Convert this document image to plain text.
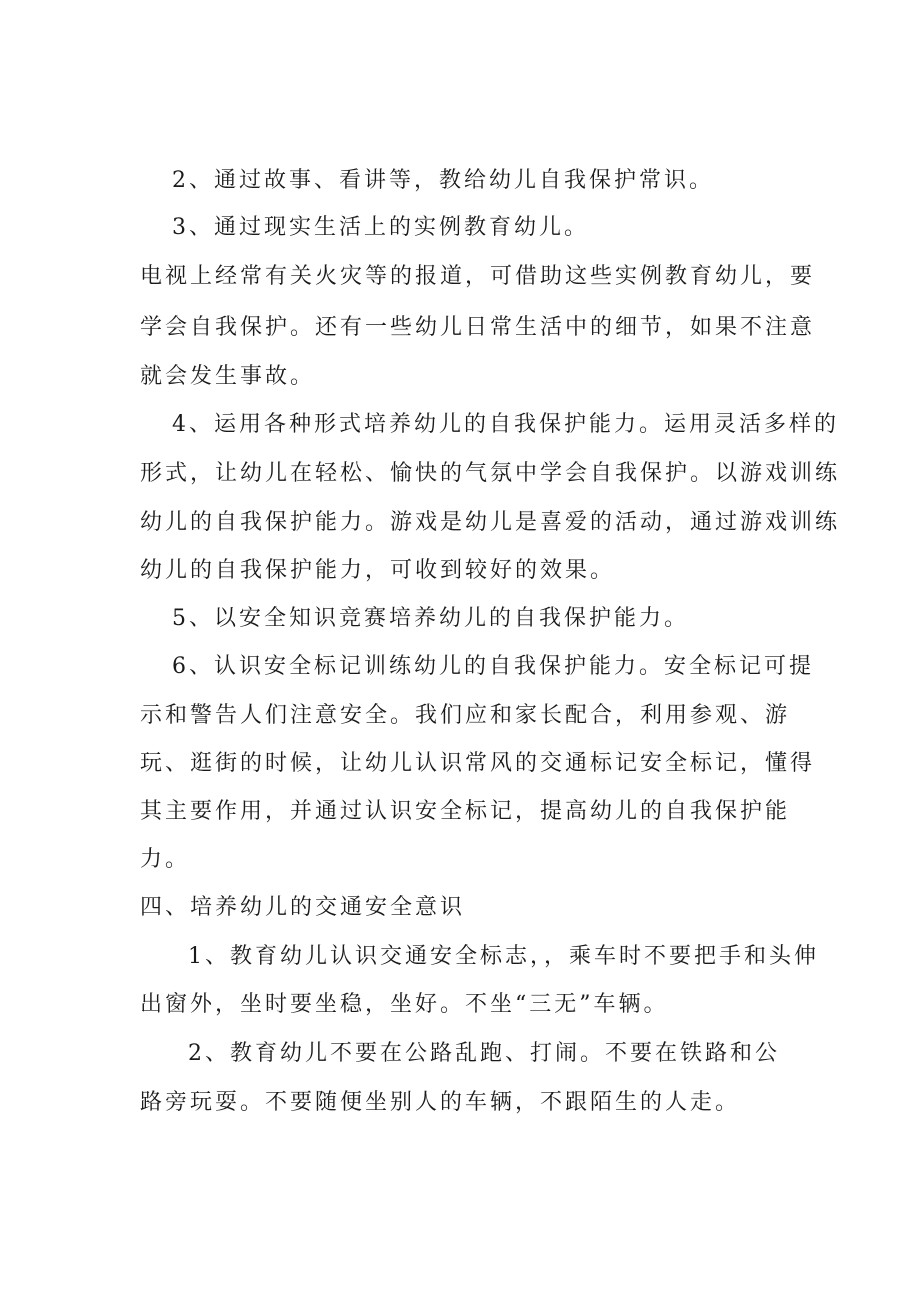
2、通过故事、看讲等，教给幼儿自我保护常识。

3、通过现实生活上的实例教育幼儿。

电视上经常有关火灾等的报道，可借助这些实例教育幼儿，要

学会自我保护。还有一些幼儿日常生活中的细节，如果不注意

就会发生事故。

4、运用各种形式培养幼儿的自我保护能力。运用灵活多样的

形式，让幼儿在轻松、愉快的气氛中学会自我保护。以游戏训练

幼儿的自我保护能力。游戏是幼儿是喜爱的活动，通过游戏训练

幼儿的自我保护能力，可收到较好的效果。

5、以安全知识竞赛培养幼儿的自我保护能力。

6、认识安全标记训练幼儿的自我保护能力。安全标记可提

示和警告人们注意安全。我们应和家长配合，利用参观、游

玩、逛街的时候，让幼儿认识常风的交通标记安全标记，懂得

其主要作用，并通过认识安全标记，提高幼儿的自我保护能

力。

四、培养幼儿的交通安全意识

1、教育幼儿认识交通安全标志，，乘车时不要把手和头伸

出窗外，坐时要坐稳，坐好。不坐“三无”车辆。

2、教育幼儿不要在公路乱跑、打闹。不要在铁路和公

路旁玩耍。不要随便坐别人的车辆，不跟陌生的人走。
